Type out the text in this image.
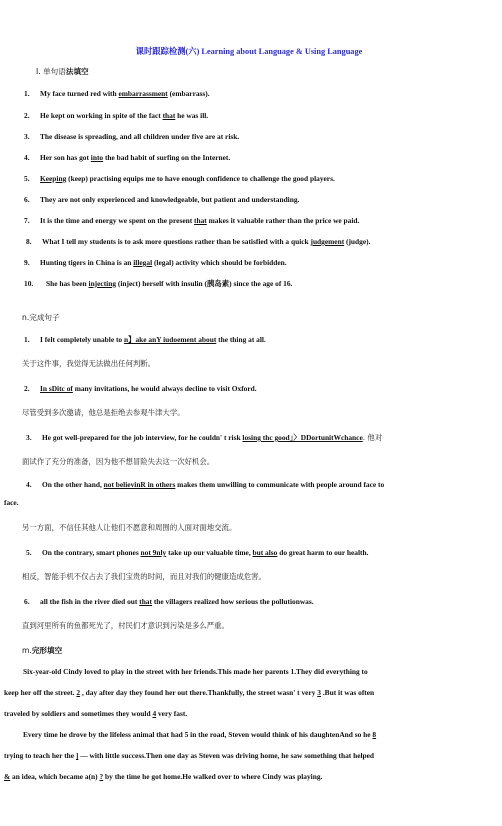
课时跟踪检测(六) Learning about Language & Using Language
Ⅰ. 单句语法填空
1. My face turned red with embarrassment (embarrass).
2. He kept on working in spite of the fact that he was ill.
3. The disease is spreading, and all children under five are at risk.
4. Her son has got into the bad habit of surfing on the Internet.
5. Keeping (keep) practising equips me to have enough confidence to challenge the good players.
6. They are not only experienced and knowledgeable, but patient and understanding.
7. It is the time and energy we spent on the present that makes it valuable rather than the price we paid.
8. What I tell my students is to ask more questions rather than be satisfied with a quick judgement (judge).
9. Hunting tigers in China is an illegal (legal) activity which should be forbidden.
10. She has been injecting (inject) herself with insulin (胰岛素) since the age of 16.
n.完成句子
1. I felt completely unable to n】ake anY iudoement about the thing at all.
关于这件事，我觉得无法做出任何判断。
2. In sDitc of many invitations, he would always decline to visit Oxford.
尽管受到多次邀请，他总是拒绝去参观牛津大学。
3. He got well-prepared for the job interview, for he couldn' t risk losing thc good」〉DDortunitWchance. 他对
面试作了充分的准备，因为他不想冒险失去这一次好机会。
4. On the other hand, not believinR in others makes them unwilling to communicate with people around face to
face.
另一方面，不信任其他人让他们不愿意和周围的人面对面地交流。
5. On the contrary, smart phones not 9nly take up our valuable time, but also do great harm to our health.
相反，智能手机不仅占去了我们宝贵的时间，而且对我们的健康造成危害。
6. all the fish in the river died out that the villagers realized how serious the pollutionwas.
直到河里所有的鱼都死光了，村民们才意识到污染是多么严重。
m.完形填空
Six-year-old Cindy loved to play in the street with her friends.This made her parents 1.They did everything to
keep her off the street. 2 , day after day they found her out there.Thankfully, the street wasn' t very 3 .But it was often
traveled by soldiers and sometimes they would 4 very fast.
Every time he drove by the lifeless animal that had 5 in the road, Steven would think of his daughtenAnd so he 8
trying to teach her the ] — with little success.Then one day as Steven was driving home, he saw something that helped
& an idea, which became a(n) ? by the time he got home.He walked over to where Cindy was playing.
